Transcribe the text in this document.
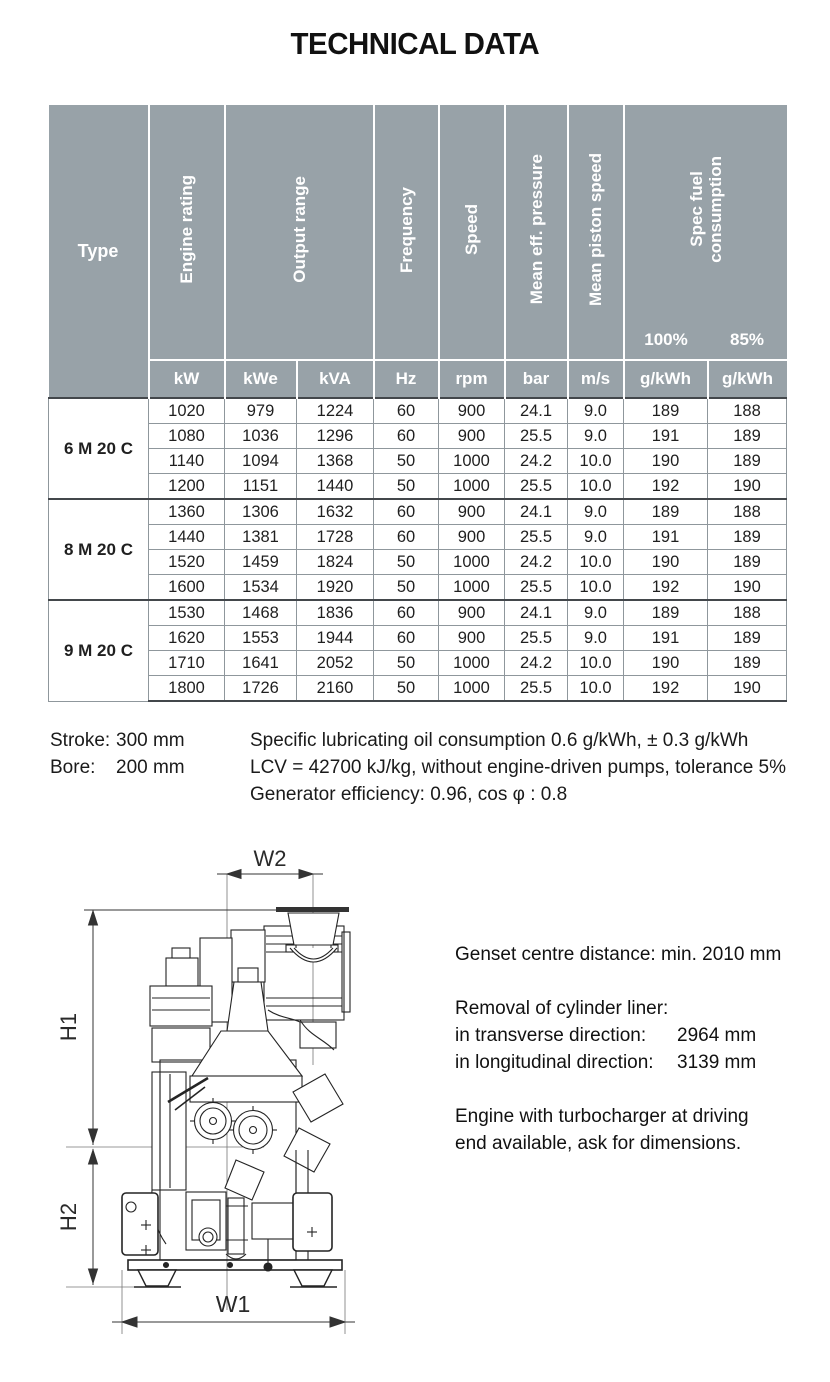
TECHNICAL DATA
Type	Engine rating	Output range		Frequency	Speed	Mean eff. pressure	Mean piston speed	Spec fuel consumption	

								100%	85%
	kW	kWe	kVA	Hz	rpm	bar	m/s	g/kWh	g/kWh
6 M 20 C	1020	979	1224	60	900	24.1	9.0	189	188
	1080	1036	1296	60	900	25.5	9.0	191	189
	1140	1094	1368	50	1000	24.2	10.0	190	189
	1200	1151	1440	50	1000	25.5	10.0	192	190
8 M 20 C	1360	1306	1632	60	900	24.1	9.0	189	188
	1440	1381	1728	60	900	25.5	9.0	191	189
	1520	1459	1824	50	1000	24.2	10.0	190	189
	1600	1534	1920	50	1000	25.5	10.0	192	190
9 M 20 C	1530	1468	1836	60	900	24.1	9.0	189	188
	1620	1553	1944	60	900	25.5	9.0	191	189
	1710	1641	2052	50	1000	24.2	10.0	190	189
	1800	1726	2160	50	1000	25.5	10.0	192	190
Stroke: 300 mm
Bore:	200 mm
Specific lubricating oil consumption 0.6 g/kWh, ± 0.3 g/kWh
LCV = 42700 kJ/kg, without engine-driven pumps, tolerance 5%
Generator efficiency: 0.96, cos φ : 0.8
W2
H1
H2
W1
Genset centre distance: min. 2010 mm
Removal of cylinder liner:
in transverse direction:	2964 mm
in longitudinal direction:	3139 mm
Engine with turbocharger at driving
end available, ask for dimensions.
